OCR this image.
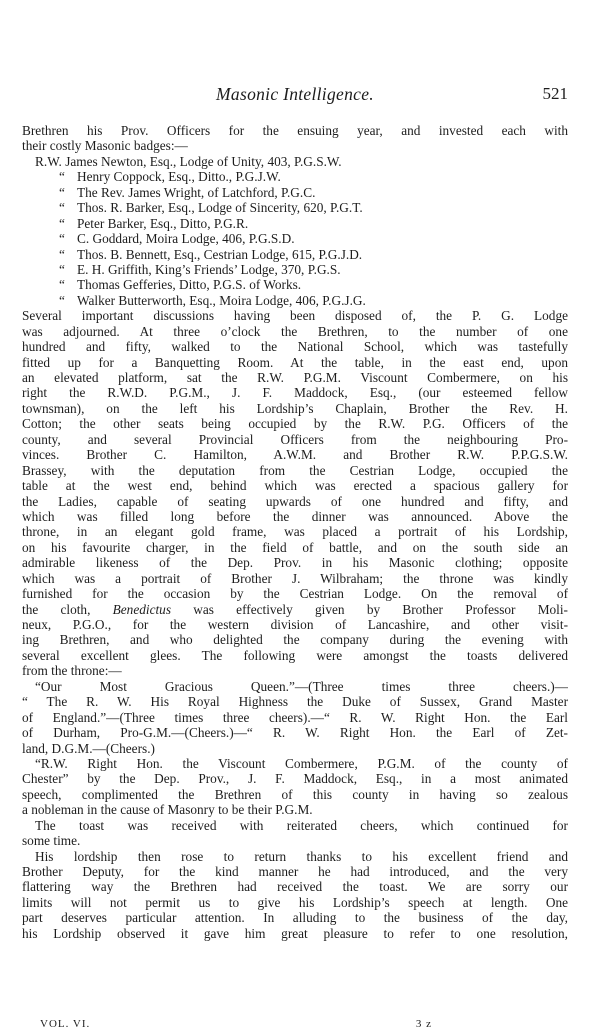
Masonic Intelligence.	521
Brethren his Prov. Officers for the ensuing year, and invested each with
their costly Masonic badges:—
R.W. James Newton, Esq., Lodge of Unity, 403, P.G.S.W.
“ Henry Coppock, Esq., Ditto., P.G.J.W.
“ The Rev. James Wright, of Latchford, P.G.C.
“ Thos. R. Barker, Esq., Lodge of Sincerity, 620, P.G.T.
“ Peter Barker, Esq., Ditto, P.G.R.
“ C. Goddard, Moira Lodge, 406, P.G.S.D.
“ Thos. B. Bennett, Esq., Cestrian Lodge, 615, P.G.J.D.
“ E. H. Griffith, King’s Friends’ Lodge, 370, P.G.S.
“ Thomas Gefferies, Ditto, P.G.S. of Works.
“ Walker Butterworth, Esq., Moira Lodge, 406, P.G.J.G.
Several important discussions having been disposed of, the P. G. Lodge
was adjourned. At three o’clock the Brethren, to the number of one
hundred and fifty, walked to the National School, which was tastefully
fitted up for a Banquetting Room. At the table, in the east end, upon
an elevated platform, sat the R.W. P.G.M. Viscount Combermere, on his
right the R.W.D. P.G.M., J. F. Maddock, Esq., (our esteemed fellow
townsman), on the left his Lordship’s Chaplain, Brother the Rev. H.
Cotton; the other seats being occupied by the R.W. P.G. Officers of the
county, and several Provincial Officers from the neighbouring Pro-
vinces. Brother C. Hamilton, A.W.M. and Brother R.W. P.P.G.S.W.
Brassey, with the deputation from the Cestrian Lodge, occupied the
table at the west end, behind which was erected a spacious gallery for
the Ladies, capable of seating upwards of one hundred and fifty, and
which was filled long before the dinner was announced. Above the
throne, in an elegant gold frame, was placed a portrait of his Lordship,
on his favourite charger, in the field of battle, and on the south side an
admirable likeness of the Dep. Prov. in his Masonic clothing; opposite
which was a portrait of Brother J. Wilbraham; the throne was kindly
furnished for the occasion by the Cestrian Lodge. On the removal of
the cloth, Benedictus was effectively given by Brother Professor Moli-
neux, P.G.O., for the western division of Lancashire, and other visit-
ing Brethren, and who delighted the company during the evening with
several excellent glees. The following were amongst the toasts delivered
from the throne:—
“Our Most Gracious Queen.”—(Three times three cheers.)—
“ The R. W. His Royal Highness the Duke of Sussex, Grand Master
of England.”—(Three times three cheers).—“ R. W. Right Hon. the Earl
of Durham, Pro-G.M.—(Cheers.)—“ R. W. Right Hon. the Earl of Zet-
land, D.G.M.—(Cheers.)
“R.W. Right Hon. the Viscount Combermere, P.G.M. of the county of
Chester” by the Dep. Prov., J. F. Maddock, Esq., in a most animated
speech, complimented the Brethren of this county in having so zealous
a nobleman in the cause of Masonry to be their P.G.M.
The toast was received with reiterated cheers, which continued for
some time.
His lordship then rose to return thanks to his excellent friend and
Brother Deputy, for the kind manner he had introduced, and the very
flattering way the Brethren had received the toast. We are sorry our
limits will not permit us to give his Lordship’s speech at length. One
part deserves particular attention. In alluding to the business of the day,
his Lordship observed it gave him great pleasure to refer to one resolution,
VOL. VI.	3 z
